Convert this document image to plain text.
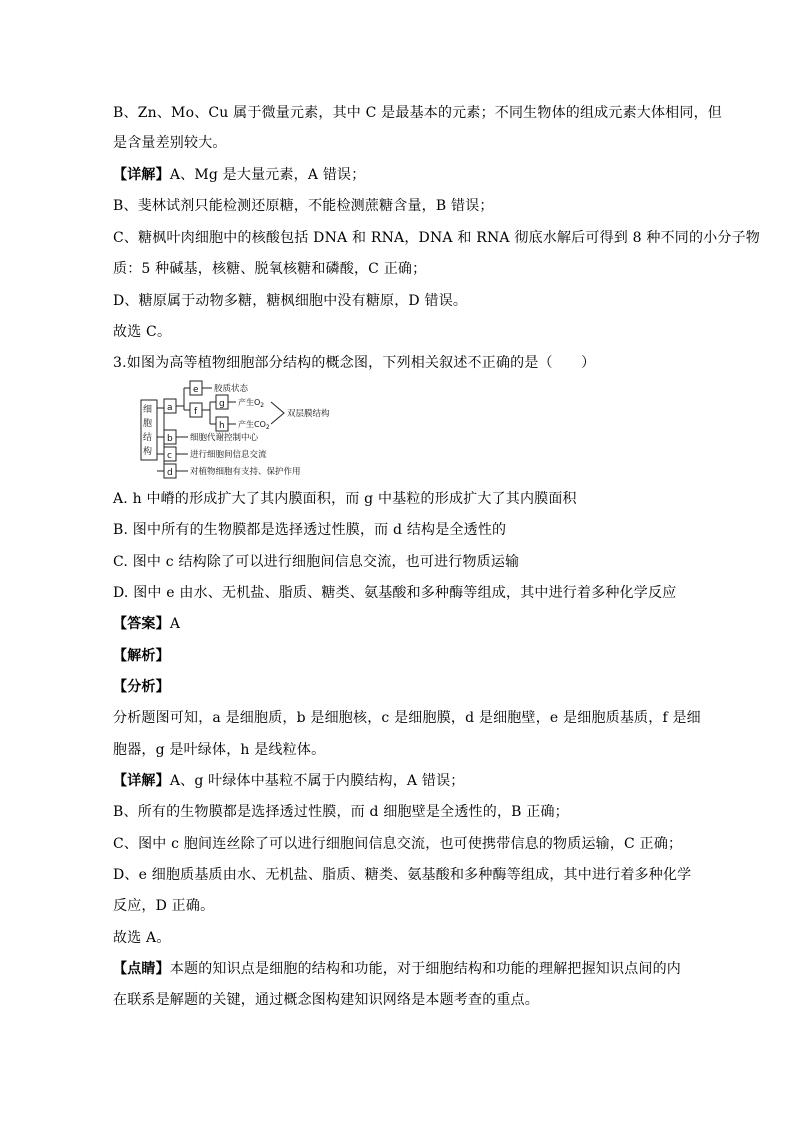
B、Zn、Mo、Cu 属于微量元素，其中 C 是最基本的元素；不同生物体的组成元素大体相同，但
是含量差别较大。
【详解】A、Mg 是大量元素，A 错误；
B、斐林试剂只能检测还原糖，不能检测蔗糖含量，B 错误；
C、糖枫叶肉细胞中的核酸包括 DNA 和 RNA，DNA 和 RNA 彻底水解后可得到 8 种不同的小分子物
质：5 种碱基，核糖、脱氧核糖和磷酸，C 正确；
D、糖原属于动物多糖，糖枫细胞中没有糖原，D 错误。
故选 C。
3.如图为高等植物细胞部分结构的概念图，下列相关叙述不正确的是（　　）
A. h 中嵴的形成扩大了其内膜面积，而 g 中基粒的形成扩大了其内膜面积
B. 图中所有的生物膜都是选择透过性膜，而 d 结构是全透性的
C. 图中 c 结构除了可以进行细胞间信息交流，也可进行物质运输
D. 图中 e 由水、无机盐、脂质、糖类、氨基酸和多种酶等组成，其中进行着多种化学反应
【答案】A
【解析】
【分析】
分析题图可知，a 是细胞质，b 是细胞核，c 是细胞膜，d 是细胞壁，e 是细胞质基质，f 是细
胞器，g 是叶绿体，h 是线粒体。
【详解】A、g 叶绿体中基粒不属于内膜结构，A 错误；
B、所有的生物膜都是选择透过性膜，而 d 细胞壁是全透性的，B 正确；
C、图中 c 胞间连丝除了可以进行细胞间信息交流，也可使携带信息的物质运输，C 正确；
D、e 细胞质基质由水、无机盐、脂质、糖类、氨基酸和多种酶等组成，其中进行着多种化学
反应，D 正确。
故选 A。
【点睛】本题的知识点是细胞的结构和功能，对于细胞结构和功能的理解把握知识点间的内
在联系是解题的关键，通过概念图构建知识网络是本题考查的重点。
细
胞
结
构
a
b
c
d
e
f
g
h
胶质状态
产生$O_2$
产生$CO_2$
双层膜结构
细胞代谢控制中心
进行细胞间信息交流
对植物细胞有支持、保护作用
